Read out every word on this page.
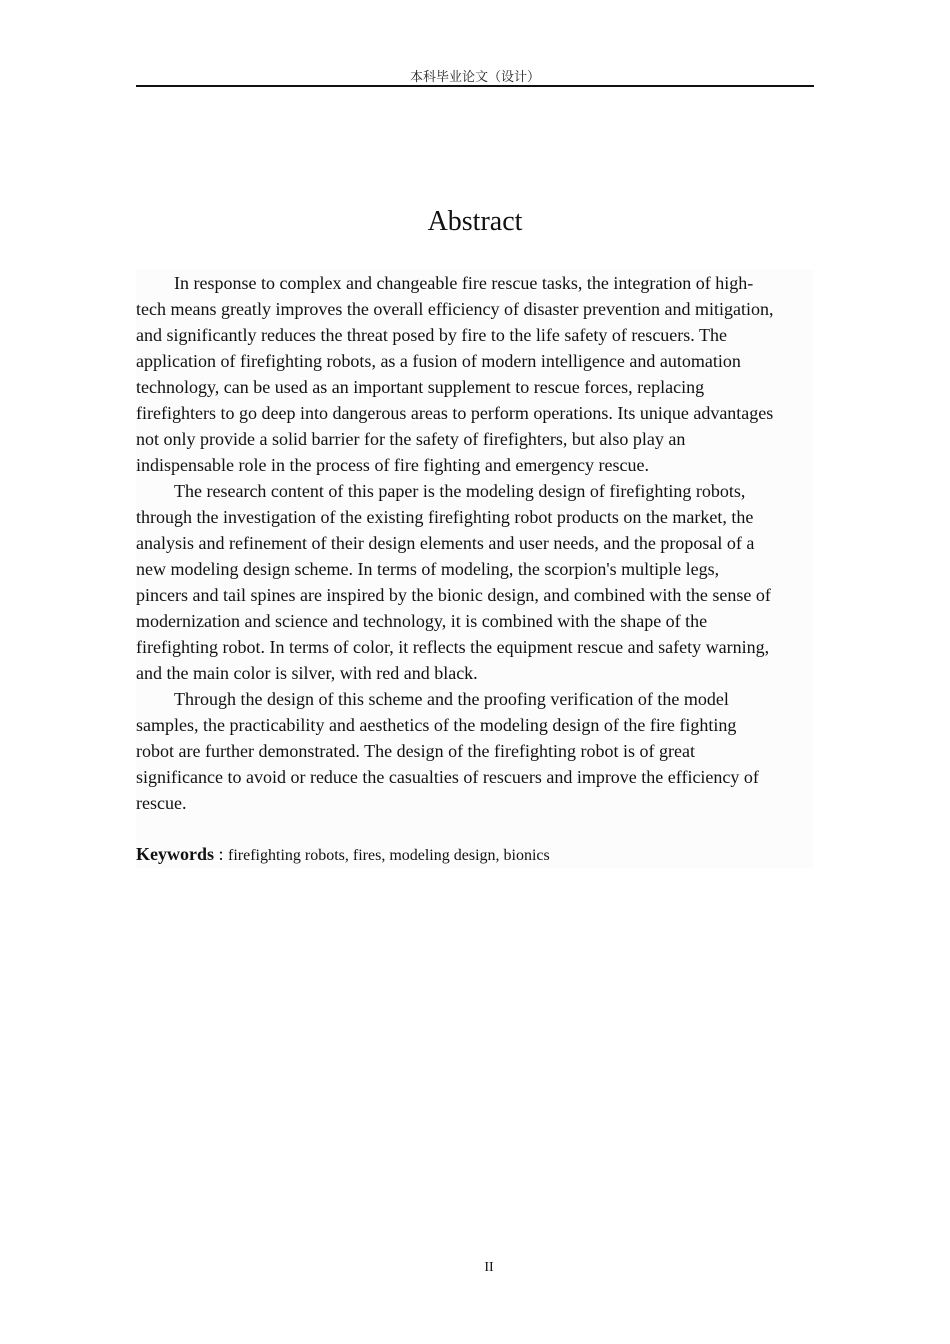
本科毕业论文（设计）
Abstract

In response to complex and changeable fire rescue tasks, the integration of high-
tech means greatly improves the overall efficiency of disaster prevention and mitigation,
and significantly reduces the threat posed by fire to the life safety of rescuers. The
application of firefighting robots, as a fusion of modern intelligence and automation
technology, can be used as an important supplement to rescue forces, replacing
firefighters to go deep into dangerous areas to perform operations. Its unique advantages
not only provide a solid barrier for the safety of firefighters, but also play an
indispensable role in the process of fire fighting and emergency rescue.

The research content of this paper is the modeling design of firefighting robots,
through the investigation of the existing firefighting robot products on the market, the
analysis and refinement of their design elements and user needs, and the proposal of a
new modeling design scheme. In terms of modeling, the scorpion's multiple legs,
pincers and tail spines are inspired by the bionic design, and combined with the sense of
modernization and science and technology, it is combined with the shape of the
firefighting robot. In terms of color, it reflects the equipment rescue and safety warning,
and the main color is silver, with red and black.

Through the design of this scheme and the proofing verification of the model
samples, the practicability and aesthetics of the modeling design of the fire fighting
robot are further demonstrated. The design of the firefighting robot is of great
significance to avoid or reduce the casualties of rescuers and improve the efficiency of
rescue.

Keywords : firefighting robots, fires, modeling design, bionics
II
